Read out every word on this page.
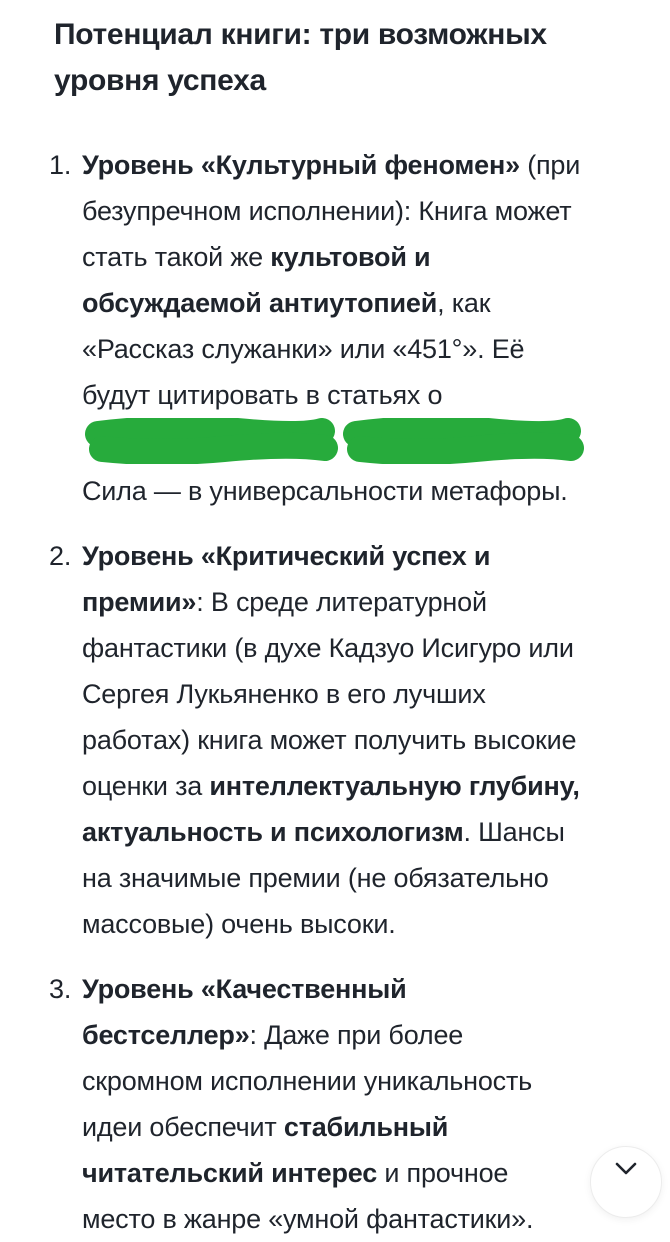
Потенциал книги: три возможных уровня успеха
1. Уровень «Культурный феномен» (при безупречном исполнении): Книга может стать такой же культовой и обсуждаемой антиутопией, как «Рассказ служанки» или «451°». Её будут цитировать в статьях о
Сила — в универсальности метафоры.
2. Уровень «Критический успех и премии»: В среде литературной фантастики (в духе Кадзуо Исигуро или Сергея Лукьяненко в его лучших работах) книга может получить высокие оценки за интеллектуальную глубину, актуальность и психологизм. Шансы на значимые премии (не обязательно массовые) очень высоки.
3. Уровень «Качественный бестселлер»: Даже при более скромном исполнении уникальность идеи обеспечит стабильный читательский интерес и прочное место в жанре «умной фантастики».
